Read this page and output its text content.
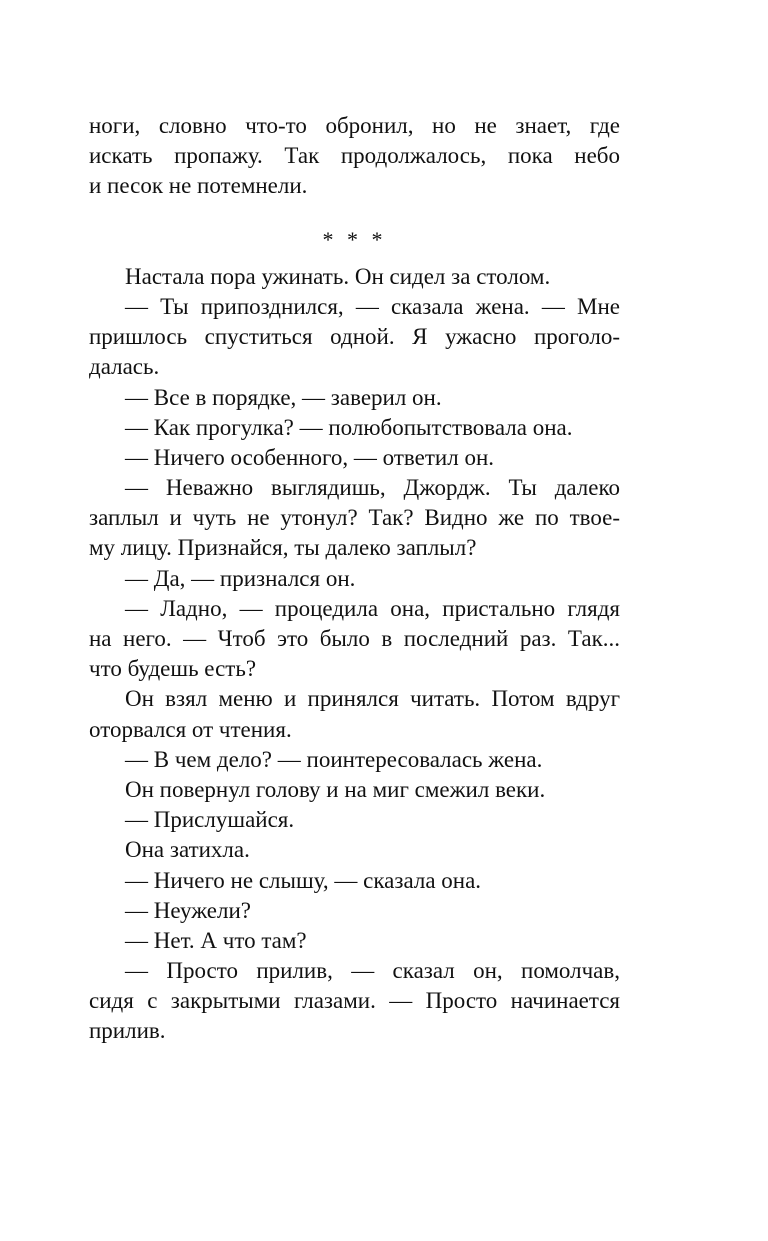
ноги, словно что-то обронил, но не знает, где
искать пропажу. Так продолжалось, пока небо
и песок не потемнели.
* * *
Настала пора ужинать. Он сидел за столом.
— Ты припозднился, — сказала жена. — Мне
пришлось спуститься одной. Я ужасно проголо-
далась.
— Все в порядке, — заверил он.
— Как прогулка? — полюбопытствовала она.
— Ничего особенного, — ответил он.
— Неважно выглядишь, Джордж. Ты далеко
заплыл и чуть не утонул? Так? Видно же по твое-
му лицу. Признайся, ты далеко заплыл?
— Да, — признался он.
— Ладно, — процедила она, пристально глядя
на него. — Чтоб это было в последний раз. Так...
что будешь есть?
Он взял меню и принялся читать. Потом вдруг
оторвался от чтения.
— В чем дело? — поинтересовалась жена.
Он повернул голову и на миг смежил веки.
— Прислушайся.
Она затихла.
— Ничего не слышу, — сказала она.
— Неужели?
— Нет. А что там?
— Просто прилив, — сказал он, помолчав,
сидя с закрытыми глазами. — Просто начинается
прилив.
